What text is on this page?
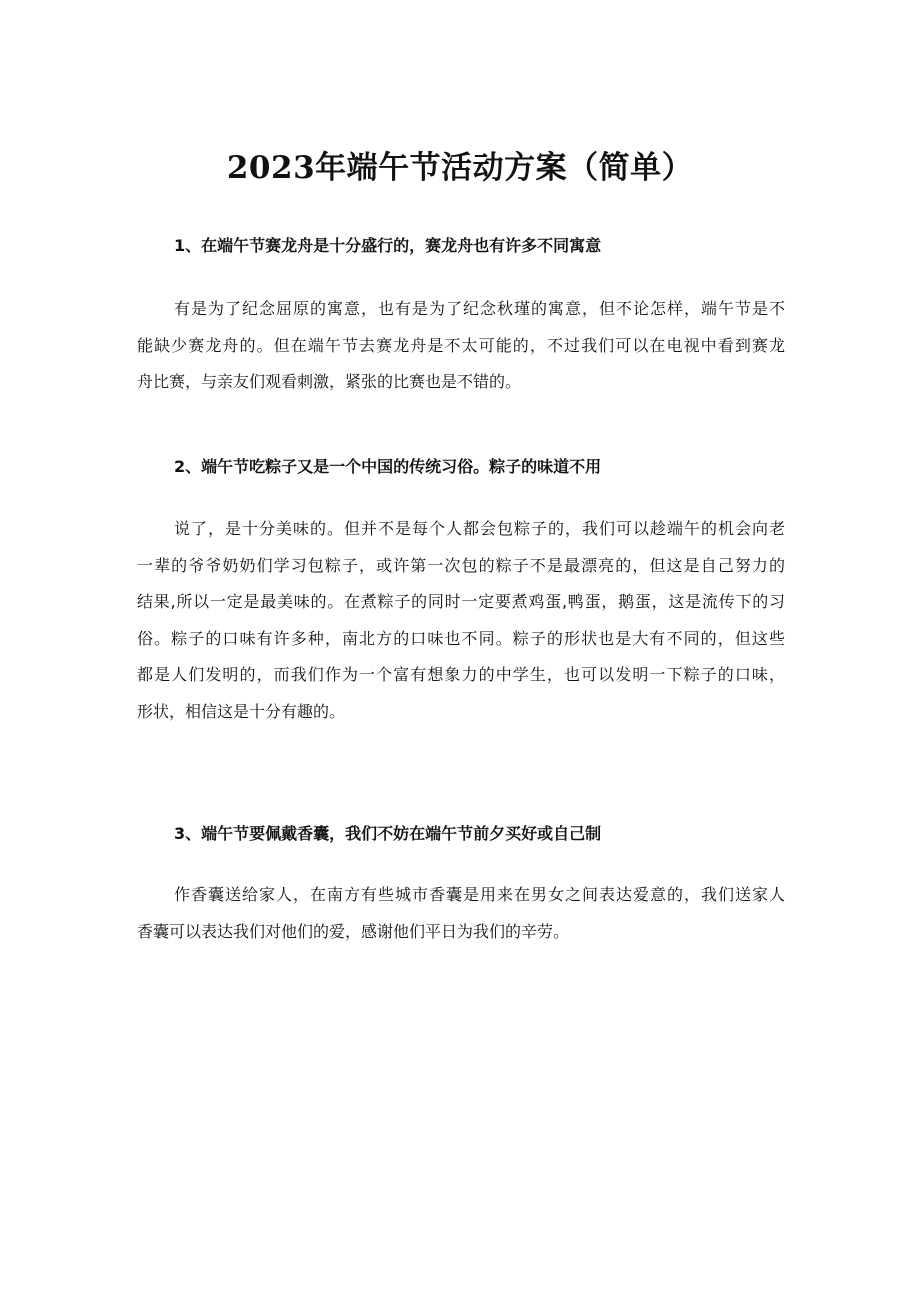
2023年端午节活动方案（简单）
1、在端午节赛龙舟是十分盛行的，赛龙舟也有许多不同寓意
有是为了纪念屈原的寓意，也有是为了纪念秋瑾的寓意，但不论怎样，端午节是不
能缺少赛龙舟的。但在端午节去赛龙舟是不太可能的，不过我们可以在电视中看到赛龙
舟比赛，与亲友们观看刺激，紧张的比赛也是不错的。
2、端午节吃粽子又是一个中国的传统习俗。粽子的味道不用
说了，是十分美味的。但并不是每个人都会包粽子的，我们可以趁端午的机会向老
一辈的爷爷奶奶们学习包粽子，或许第一次包的粽子不是最漂亮的，但这是自己努力的
结果,所以一定是最美味的。在煮粽子的同时一定要煮鸡蛋,鸭蛋，鹅蛋，这是流传下的习
俗。粽子的口味有许多种，南北方的口味也不同。粽子的形状也是大有不同的，但这些
都是人们发明的，而我们作为一个富有想象力的中学生，也可以发明一下粽子的口味，
形状，相信这是十分有趣的。
3、端午节要佩戴香囊，我们不妨在端午节前夕买好或自己制
作香囊送给家人，在南方有些城市香囊是用来在男女之间表达爱意的，我们送家人
香囊可以表达我们对他们的爱，感谢他们平日为我们的辛劳。
